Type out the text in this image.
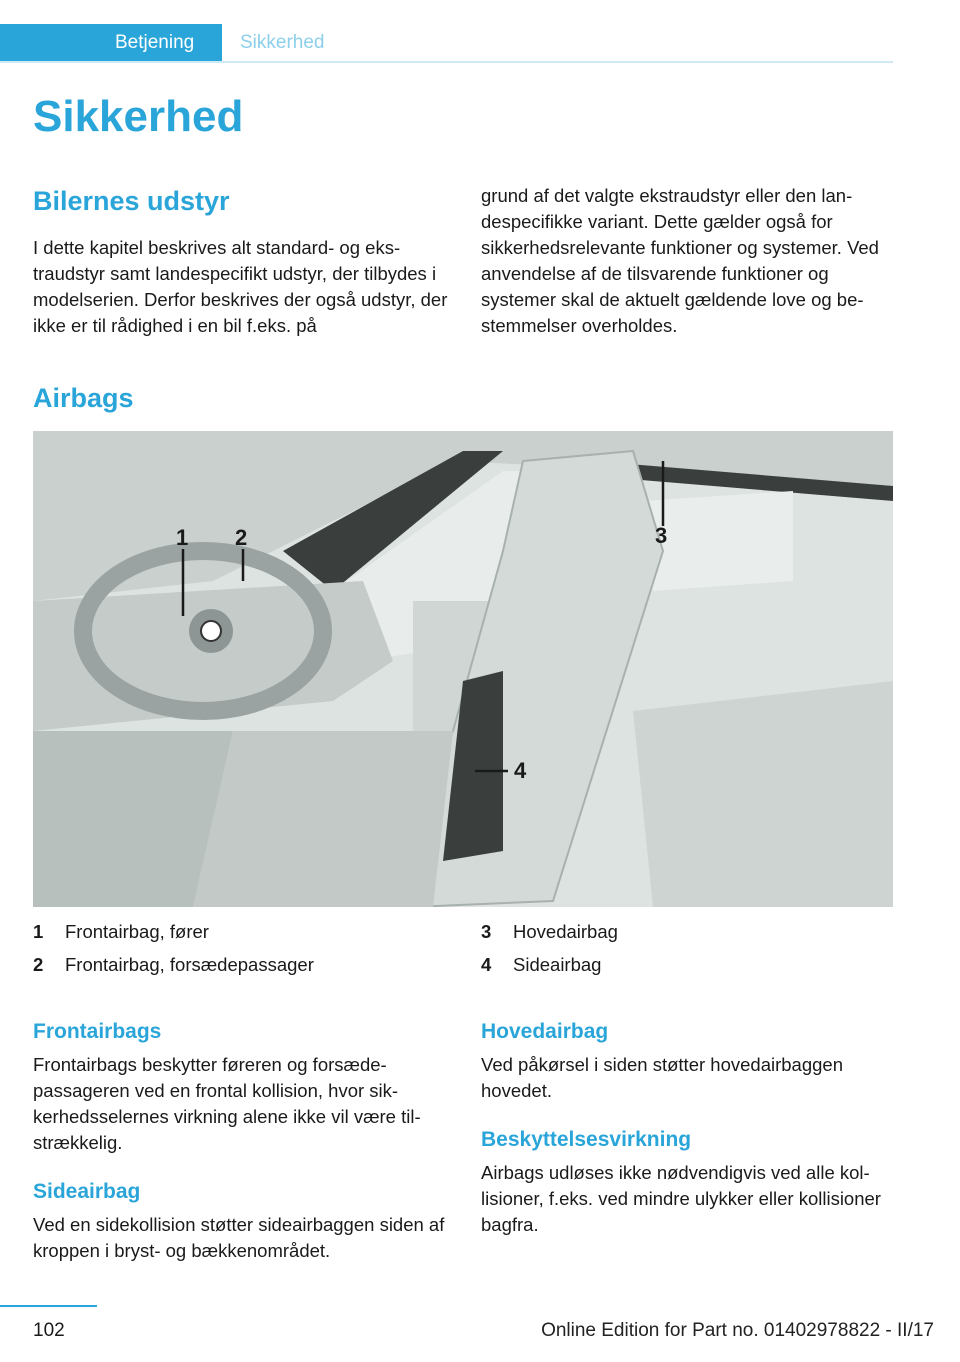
Betjening Sikkerhed
Sikkerhed
Bilernes udstyr

I dette kapitel beskrives alt standard- og ekstraudstyr samt landespecifikt udstyr, der tilbydes i modelserien. Derfor beskrives der også udstyr, der ikke er til rådighed i en bil f.eks. på

grund af det valgte ekstraudstyr eller den landespecifikke variant. Dette gælder også for sikkerhedsrelevante funktioner og systemer. Ved anvendelse af de tilsvarende funktioner og systemer skal de aktuelt gældende love og bestemmelser overholdes.

Airbags
1 2	3
4
1	Frontairbag, fører
2	Frontairbag, forsædepassager
3	Hovedairbag
4	Sideairbag
Frontairbags

Frontairbags beskytter føreren og forsædepassageren ved en frontal kollision, hvor sikkerhedsselernes virkning alene ikke vil være tilstrækkelig.

Sideairbag

Ved en sidekollision støtter sideairbaggen siden af kroppen i bryst- og bækkenområdet.

Hovedairbag

Ved påkørsel i siden støtter hovedairbaggen hovedet.

Beskyttelsesvirkning

Airbags udløses ikke nødvendigvis ved alle kollisioner, f.eks. ved mindre ulykker eller kollisioner bagfra.

102	Online Edition for Part no. 01402978822 - II/17
